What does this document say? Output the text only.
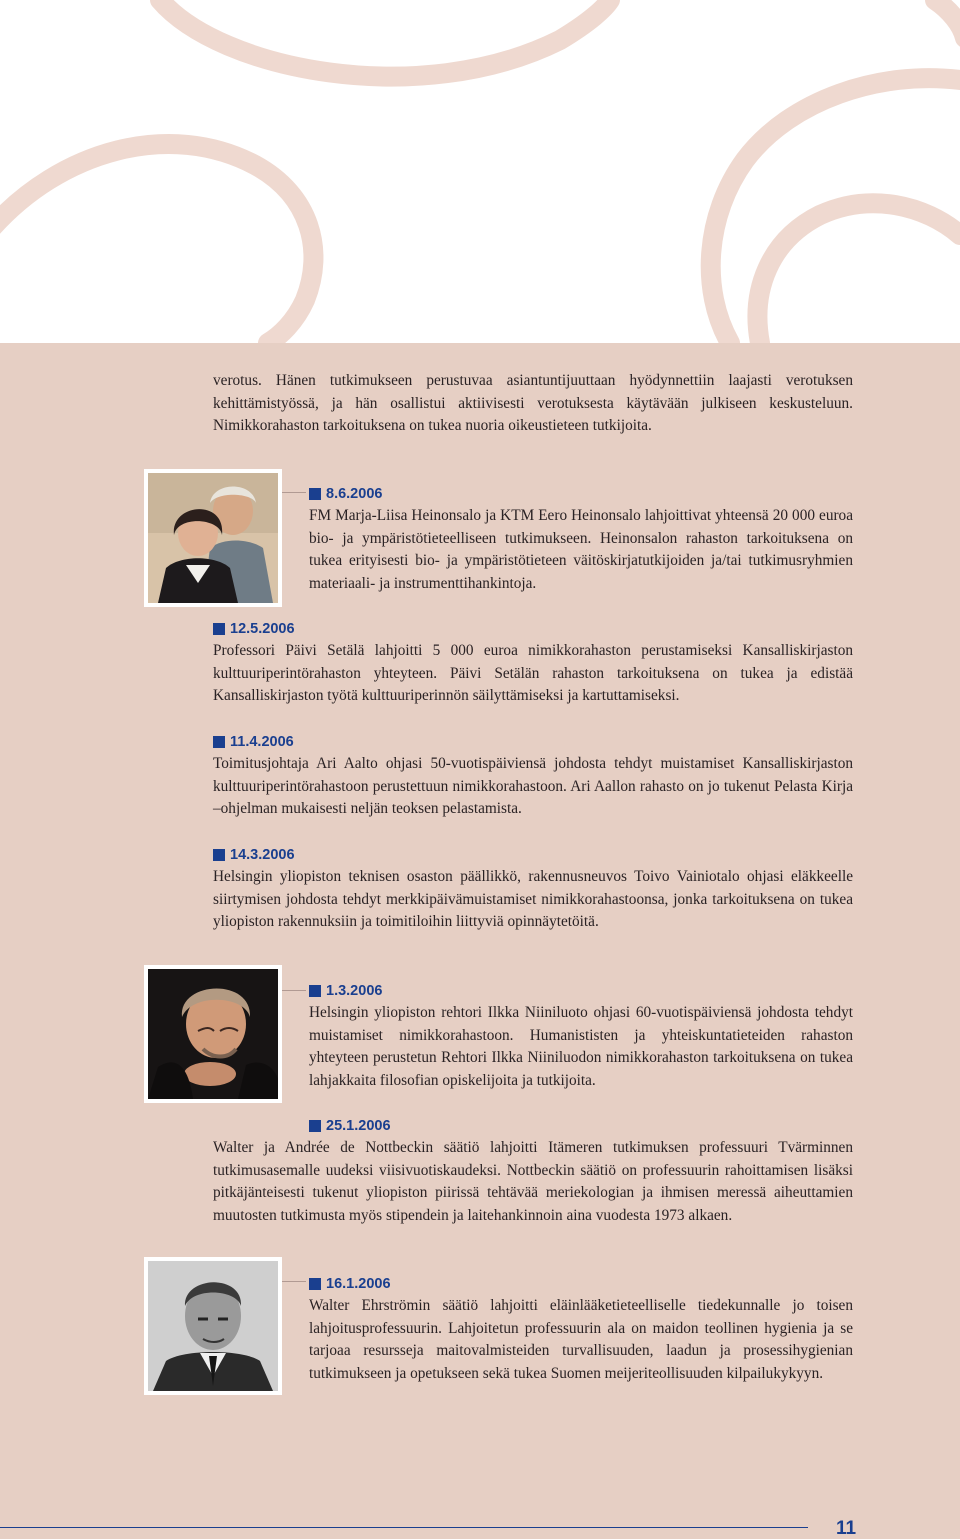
verotus. Hänen tutkimukseen perustuvaa asiantuntijuuttaan hyödynnettiin laajasti verotuksen kehittämistyössä, ja hän osallistui aktiivisesti verotuksesta käytävään julkiseen keskusteluun. Nimikkorahaston tarkoituksena on tukea nuoria oikeustieteen tutkijoita.

8.6.2006

FM Marja-Liisa Heinonsalo ja KTM Eero Heinonsalo lahjoittivat yhteensä 20 000 euroa bio- ja ympäristötieteelliseen tutkimukseen. Heinonsalon rahaston tarkoituksena on tukea erityisesti bio- ja ympäristötieteen väitöskirjatutkijoiden ja/tai tutkimusryhmien materiaali- ja instrumenttihankintoja.

12.5.2006

Professori Päivi Setälä lahjoitti 5 000 euroa nimikkorahaston perustamiseksi Kansalliskirjaston kulttuuriperintörahaston yhteyteen. Päivi Setälän rahaston tarkoituksena on tukea ja edistää Kansalliskirjaston työtä kulttuuriperinnön säilyttämiseksi ja kartuttamiseksi.

11.4.2006

Toimitusjohtaja Ari Aalto ohjasi 50-vuotispäiviensä johdosta tehdyt muistamiset Kansalliskirjaston kulttuuriperintörahastoon perustettuun nimikkorahastoon. Ari Aallon rahasto on jo tukenut Pelasta Kirja –ohjelman mukaisesti neljän teoksen pelastamista.

14.3.2006

Helsingin yliopiston teknisen osaston päällikkö, rakennusneuvos Toivo Vainiotalo ohjasi eläkkeelle siirtymisen johdosta tehdyt merkkipäivämuistamiset nimikkorahastoonsa, jonka tarkoituksena on tukea yliopiston rakennuksiin ja toimitiloihin liittyviä opinnäytetöitä.

1.3.2006

Helsingin yliopiston rehtori Ilkka Niiniluoto ohjasi 60-vuotispäiviensä johdosta tehdyt muistamiset nimikkorahastoon. Humanististen ja yhteiskuntatieteiden rahaston yhteyteen perustetun Rehtori Ilkka Niiniluodon nimikkorahaston tarkoituksena on tukea lahjakkaita filosofian opiskelijoita ja tutkijoita.

25.1.2006

Walter ja Andrée de Nottbeckin säätiö lahjoitti Itämeren tutkimuksen professuuri Tvärminnen tutkimusasemalle uudeksi viisivuotiskaudeksi. Nottbeckin säätiö on professuurin rahoittamisen lisäksi pitkäjänteisesti tukenut yliopiston piirissä tehtävää meriekologian ja ihmisen meressä aiheuttamien muutosten tutkimusta myös stipendein ja laitehankinnoin aina vuodesta 1973 alkaen.

16.1.2006

Walter Ehrströmin säätiö lahjoitti eläinlääketieteelliselle tiedekunnalle jo toisen lahjoitusprofessuurin. Lahjoitetun professuurin ala on maidon teollinen hygienia ja se tarjoaa resursseja maitovalmisteiden turvallisuuden, laadun ja prosessihygienian tutkimukseen ja opetukseen sekä tukea Suomen meijeriteollisuuden kilpailukykyyn.

11
